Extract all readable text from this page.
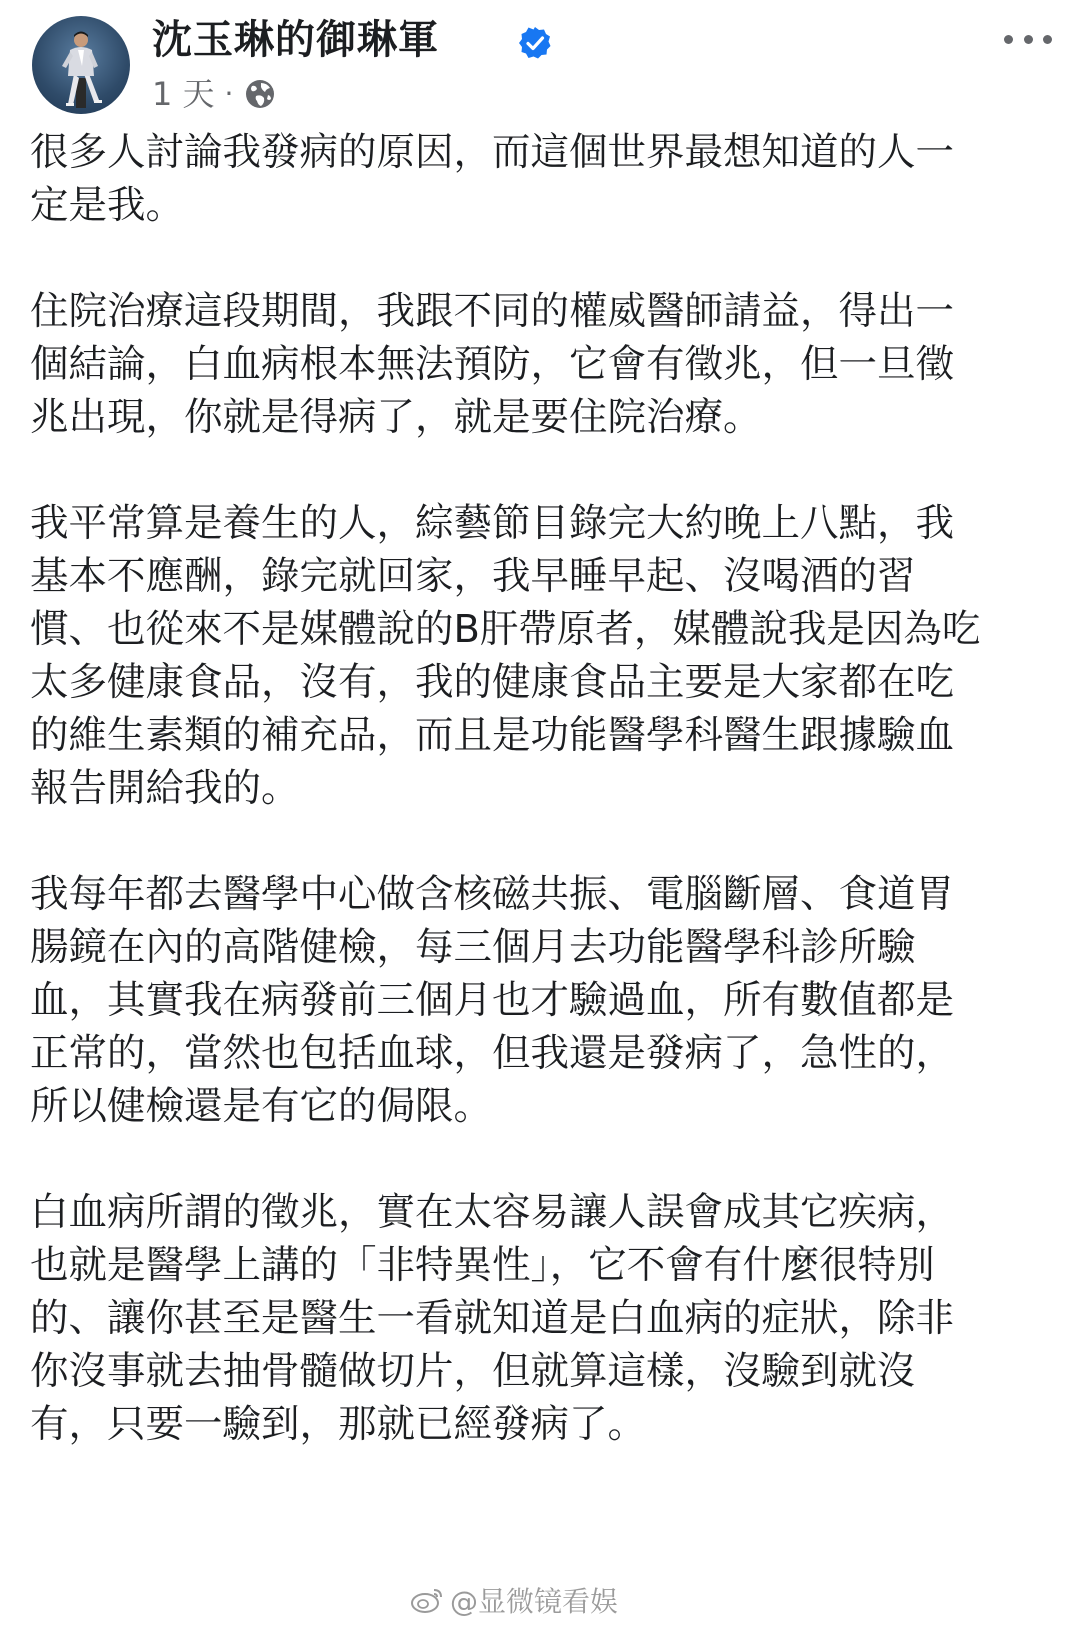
沈玉琳的御琳軍
1 天 ·

很多人討論我發病的原因，而這個世界最想知道的人一定是我。

住院治療這段期間，我跟不同的權威醫師請益，得出一個結論，白血病根本無法預防，它會有徵兆，但一旦徵兆出現，你就是得病了，就是要住院治療。

我平常算是養生的人，綜藝節目錄完大約晚上八點，我基本不應酬，錄完就回家，我早睡早起、沒喝酒的習慣、也從來不是媒體說的B肝帶原者，媒體說我是因為吃太多健康食品，沒有，我的健康食品主要是大家都在吃的維生素類的補充品，而且是功能醫學科醫生跟據驗血報告開給我的。

我每年都去醫學中心做含核磁共振、電腦斷層、食道胃腸鏡在內的高階健檢，每三個月去功能醫學科診所驗血，其實我在病發前三個月也才驗過血，所有數值都是正常的，當然也包括血球，但我還是發病了，急性的，所以健檢還是有它的侷限。

白血病所謂的徵兆，實在太容易讓人誤會成其它疾病，也就是醫學上講的「非特異性」，它不會有什麼很特別的、讓你甚至是醫生一看就知道是白血病的症狀，除非你沒事就去抽骨髓做切片，但就算這樣，沒驗到就沒有，只要一驗到，那就已經發病了。

@显微镜看娱
